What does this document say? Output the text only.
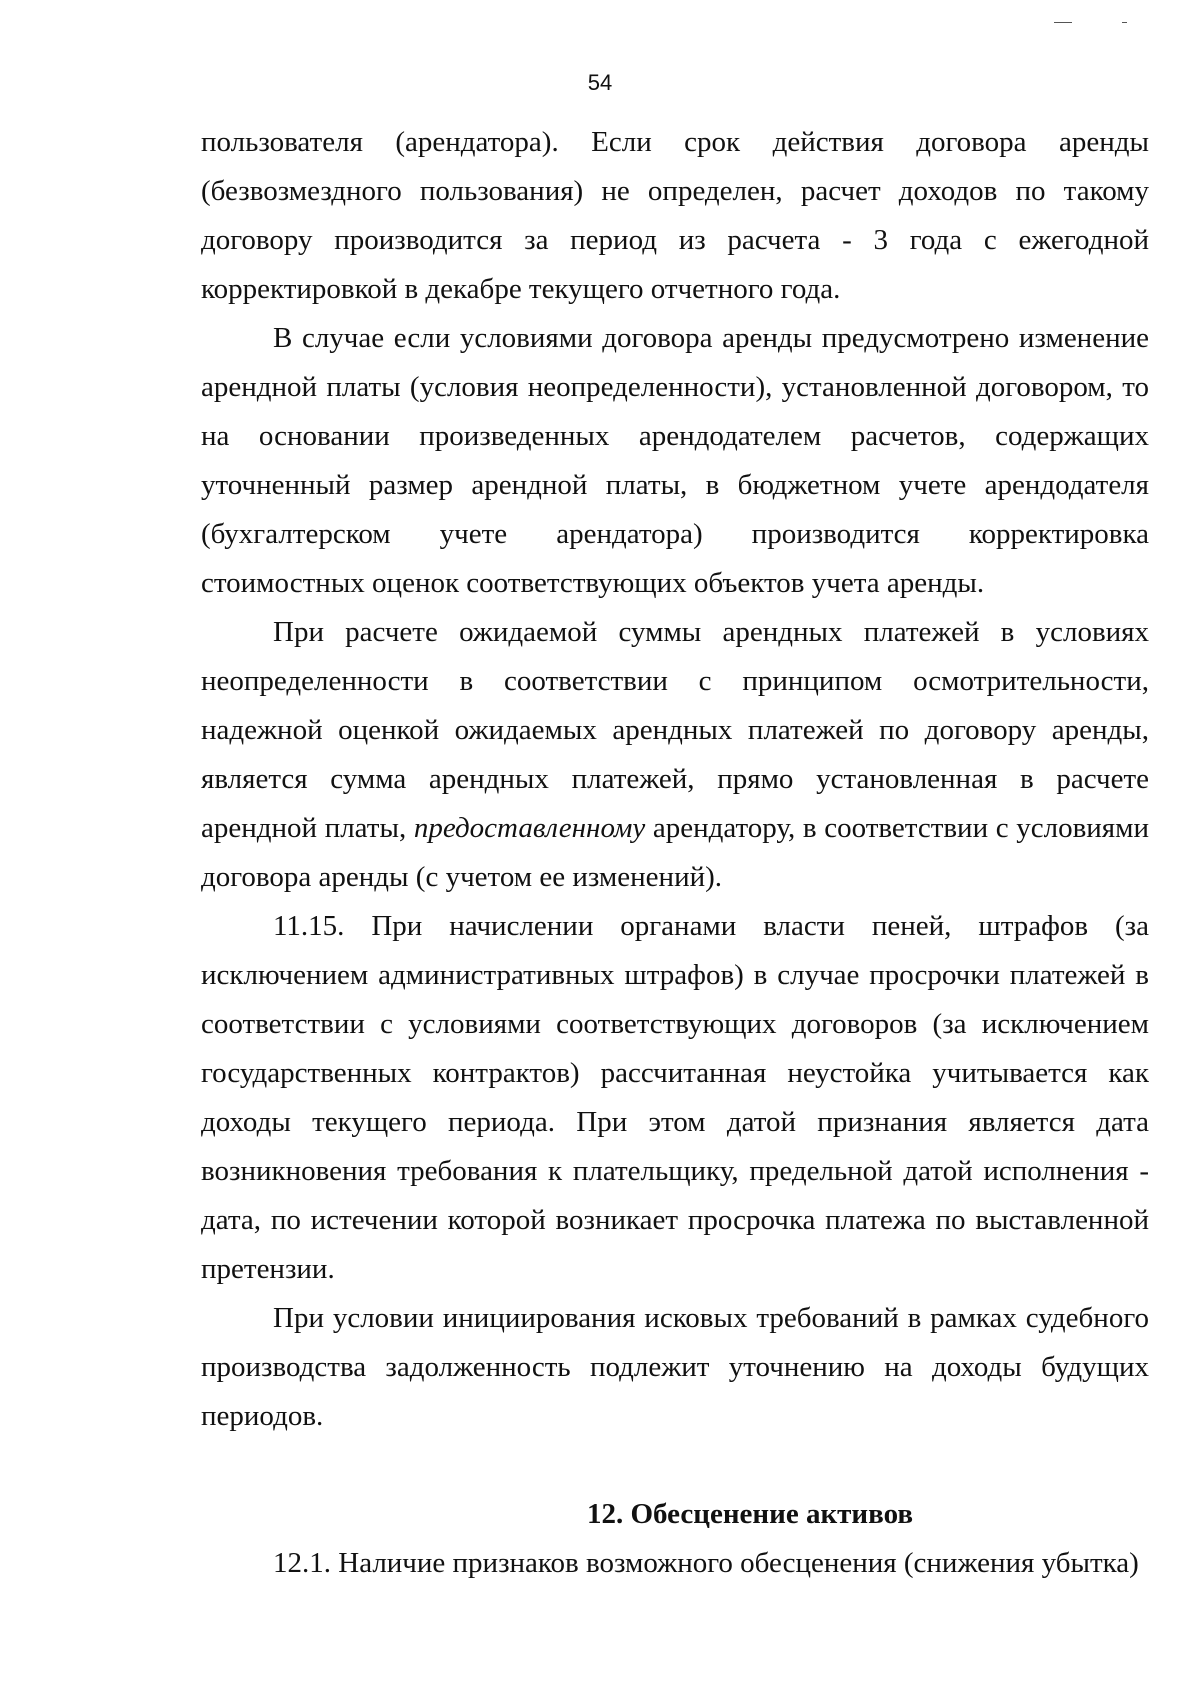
54

пользователя (арендатора). Если срок действия договора аренды (безвозмездного пользования) не определен, расчет доходов по такому договору производится за период из расчета - 3 года с ежегодной корректировкой в декабре текущего отчетного года.

В случае если условиями договора аренды предусмотрено изменение арендной платы (условия неопределенности), установленной договором, то на основании произведенных арендодателем расчетов, содержащих уточненный размер арендной платы, в бюджетном учете арендодателя (бухгалтерском учете арендатора) производится корректировка стоимостных оценок соответствующих объектов учета аренды.

При расчете ожидаемой суммы арендных платежей в условиях неопределенности в соответствии с принципом осмотрительности, надежной оценкой ожидаемых арендных платежей по договору аренды, является сумма арендных платежей, прямо установленная в расчете арендной платы, предоставленному арендатору, в соответствии с условиями договора аренды (с учетом ее изменений).

11.15. При начислении органами власти пеней, штрафов (за исключением административных штрафов) в случае просрочки платежей в соответствии с условиями соответствующих договоров (за исключением государственных контрактов) рассчитанная неустойка учитывается как доходы текущего периода. При этом датой признания является дата возникновения требования к плательщику, предельной датой исполнения - дата, по истечении которой возникает просрочка платежа по выставленной претензии.

При условии инициирования исковых требований в рамках судебного производства задолженность подлежит уточнению на доходы будущих периодов.

12. Обесценение активов

12.1. Наличие признаков возможного обесценения (снижения убытка)
